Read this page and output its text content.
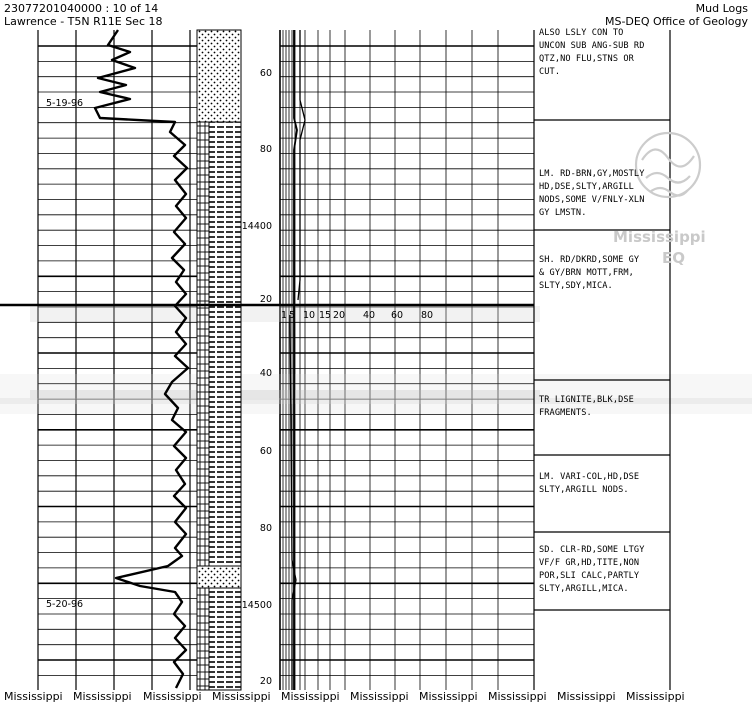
23077201040000 : 10 of 14
Lawrence - T5N R11E Sec 18
Mud Logs
MS-DEQ Office of Geology
60
80
14400
20
40
60
80
14500
20
1 5 10 15 20 40 60 80
5-19-96
5-20-96
ALSO LSLY CON TO
UNCON SUB ANG-SUB RD
QTZ,NO FLU,STNS OR
CUT.
LM. RD-BRN,GY,MOSTLY
HD,DSE,SLTY,ARGILL
NODS,SOME V/FNLY-XLN
GY LMSTN.
SH. RD/DKRD,SOME GY
& GY/BRN MOTT,FRM,
SLTY,SDY,MICA.
TR LIGNITE,BLK,DSE
FRAGMENTS.
LM. VARI-COL,HD,DSE
SLTY,ARGILL NODS.
SD. CLR-RD,SOME LTGY
VF/F GR,HD,TITE,NON
POR,SLI CALC,PARTLY
SLTY,ARGILL,MICA.
Mississippi
EQ
Mississippi Mississippi Mississippi Mississippi Mississippi Mississippi Mississippi Mississippi Mississippi Mississippi
